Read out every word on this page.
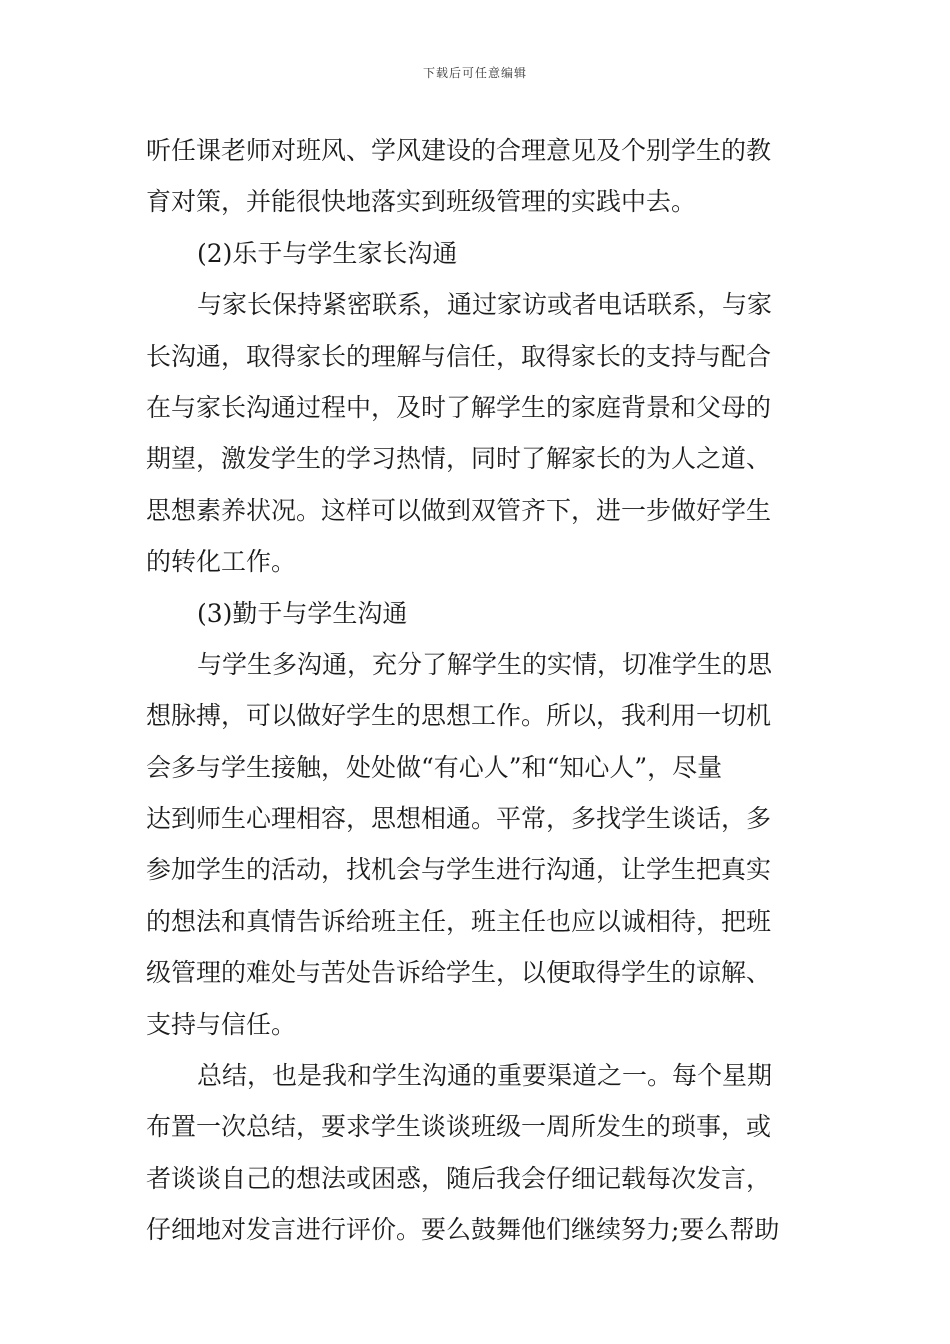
下载后可任意编辑
听任课老师对班风、学风建设的合理意见及个别学生的教
育对策，并能很快地落实到班级管理的实践中去。
(2)乐于与学生家长沟通
与家长保持紧密联系，通过家访或者电话联系，与家
长沟通，取得家长的理解与信任，取得家长的支持与配合
在与家长沟通过程中，及时了解学生的家庭背景和父母的
期望，激发学生的学习热情，同时了解家长的为人之道、
思想素养状况。这样可以做到双管齐下，进一步做好学生
的转化工作。
(3)勤于与学生沟通
与学生多沟通，充分了解学生的实情，切准学生的思
想脉搏，可以做好学生的思想工作。所以，我利用一切机
会多与学生接触，处处做“有心人”和“知心人”，尽量
达到师生心理相容，思想相通。平常，多找学生谈话，多
参加学生的活动，找机会与学生进行沟通，让学生把真实
的想法和真情告诉给班主任，班主任也应以诚相待，把班
级管理的难处与苦处告诉给学生，以便取得学生的谅解、
支持与信任。
总结，也是我和学生沟通的重要渠道之一。每个星期
布置一次总结，要求学生谈谈班级一周所发生的琐事，或
者谈谈自己的想法或困惑，随后我会仔细记载每次发言，
仔细地对发言进行评价。要么鼓舞他们继续努力;要么帮助
